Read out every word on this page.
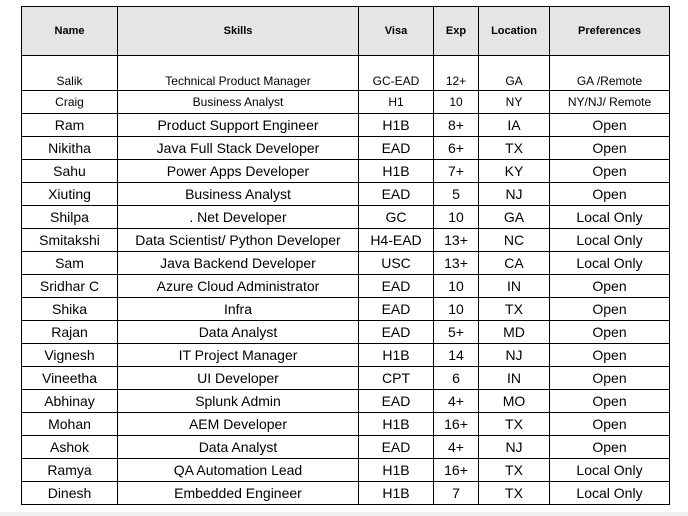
Name	Skills	Visa	Exp	Location	Preferences
Salik	Technical Product Manager	GC-EAD	12+	GA	GA /Remote
Craig	Business Analyst	H1	10	NY	NY/NJ/ Remote
Ram	Product Support Engineer	H1B	8+	IA	Open
Nikitha	Java Full Stack Developer	EAD	6+	TX	Open
Sahu	Power Apps Developer	H1B	7+	KY	Open
Xiuting	Business Analyst	EAD	5	NJ	Open
Shilpa	. Net Developer	GC	10	GA	Local Only
Smitakshi	Data Scientist/ Python Developer	H4-EAD	13+	NC	Local Only
Sam	Java Backend Developer	USC	13+	CA	Local Only
Sridhar C	Azure Cloud Administrator	EAD	10	IN	Open
Shika	Infra	EAD	10	TX	Open
Rajan	Data Analyst	EAD	5+	MD	Open
Vignesh	IT Project Manager	H1B	14	NJ	Open
Vineetha	UI Developer	CPT	6	IN	Open
Abhinay	Splunk Admin	EAD	4+	MO	Open
Mohan	AEM Developer	H1B	16+	TX	Open
Ashok	Data Analyst	EAD	4+	NJ	Open
Ramya	QA Automation Lead	H1B	16+	TX	Local Only
Dinesh	Embedded Engineer	H1B	7	TX	Local Only
